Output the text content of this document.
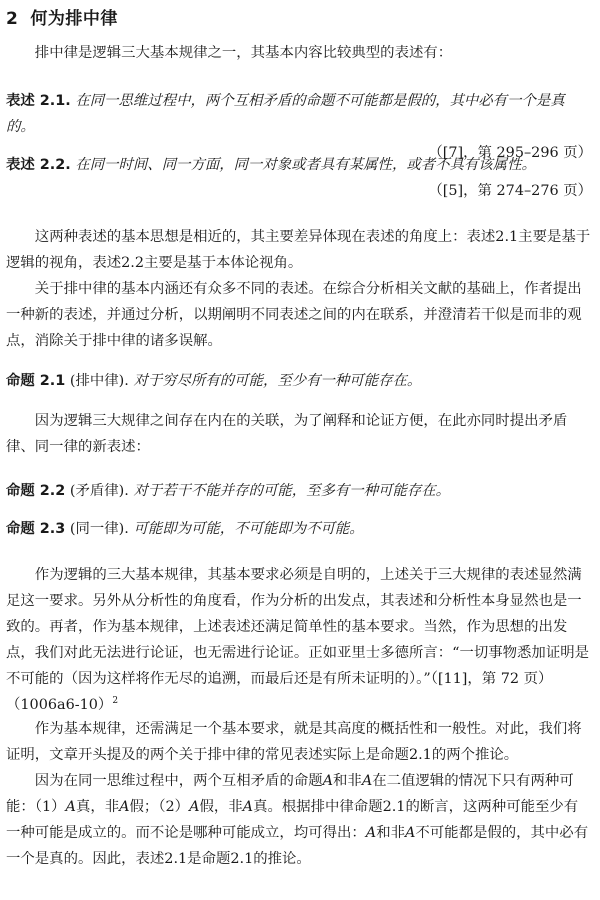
2 何为排中律
排中律是逻辑三大基本规律之一，其基本内容比较典型的表述有：
表述 2.1. 在同一思维过程中，两个互相矛盾的命题不可能都是假的，其中必有一个是真的。
（[7]，第 295–296 页）
表述 2.2. 在同一时间、同一方面，同一对象或者具有某属性，或者不具有该属性。
（[5]，第 274–276 页）
这两种表述的基本思想是相近的，其主要差异体现在表述的角度上：表述2.1主要是基于逻辑的视角，表述2.2主要是基于本体论视角。
关于排中律的基本内涵还有众多不同的表述。在综合分析相关文献的基础上，作者提出一种新的表述，并通过分析，以期阐明不同表述之间的内在联系，并澄清若干似是而非的观点，消除关于排中律的诸多误解。
命题 2.1 (排中律). 对于穷尽所有的可能，至少有一种可能存在。
因为逻辑三大规律之间存在内在的关联，为了阐释和论证方便，在此亦同时提出矛盾律、同一律的新表述：
命题 2.2 (矛盾律). 对于若干不能并存的可能，至多有一种可能存在。
命题 2.3 (同一律). 可能即为可能，不可能即为不可能。
作为逻辑的三大基本规律，其基本要求必须是自明的，上述关于三大规律的表述显然满足这一要求。另外从分析性的角度看，作为分析的出发点，其表述和分析性本身显然也是一致的。再者，作为基本规律，上述表述还满足简单性的基本要求。当然，作为思想的出发点，我们对此无法进行论证，也无需进行论证。正如亚里士多德所言：“一切事物悉加证明是不可能的（因为这样将作无尽的追溯，而最后还是有所未证明的）。”（[11]，第 72 页）$(1006a6-10)^2$
作为基本规律，还需满足一个基本要求，就是其高度的概括性和一般性。对此，我们将证明，文章开头提及的两个关于排中律的常见表述实际上是命题2.1的两个推论。
因为在同一思维过程中，两个互相矛盾的命题A和非A在二值逻辑的情况下只有两种可能：（1）A真，非A假；（2）A假，非A真。根据排中律命题2.1的断言，这两种可能至少有一种可能是成立的。而不论是哪种可能成立，均可得出：A和非A不可能都是假的，其中必有一个是真的。因此，表述2.1是命题2.1的推论。
